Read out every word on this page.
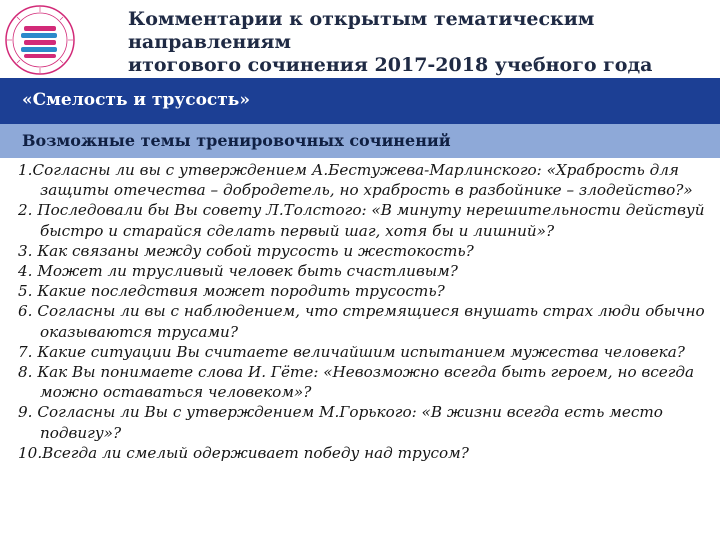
Комментарии к открытым тематическим направлениям
итогового сочинения 2017-2018 учебного года
«Смелость и трусость»
Возможные темы тренировочных сочинений
1.Согласны ли вы с утверждением А.Бестужева-Марлинского: «Храбрость для защиты отечества – добродетель, но храбрость в разбойнике – злодейство?»
2. Последовали бы Вы совету Л.Толстого: «В минуту нерешительности действуй быстро и старайся сделать первый шаг, хотя бы и лишний»?
3. Как связаны между собой трусость и жестокость?
4. Может ли трусливый человек быть счастливым?
5. Какие последствия может породить трусость?
6. Согласны ли вы с наблюдением, что стремящиеся внушать страх люди обычно оказываются трусами?
7. Какие ситуации Вы считаете величайшим испытанием мужества человека?
8. Как Вы понимаете слова И. Гёте: «Невозможно всегда быть героем, но всегда можно оставаться человеком»?
9. Согласны ли Вы с утверждением М.Горького: «В жизни всегда есть место подвигу»?
10.Всегда ли смелый одерживает победу над трусом?
